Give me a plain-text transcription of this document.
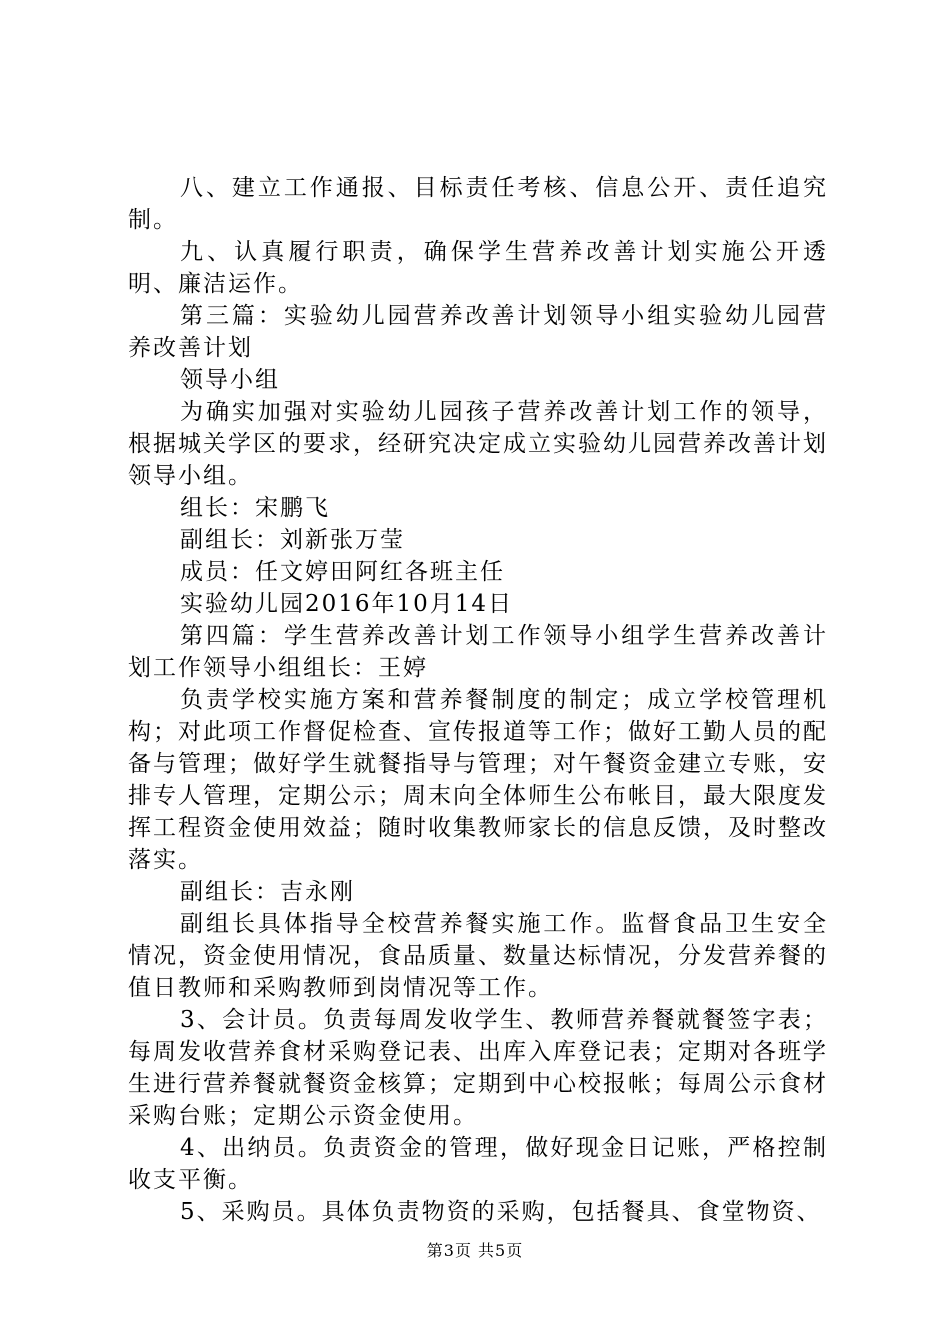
八、建立工作通报、目标责任考核、信息公开、责任追究制。

九、认真履行职责，确保学生营养改善计划实施公开透明、廉洁运作。

第三篇：实验幼儿园营养改善计划领导小组实验幼儿园营养改善计划

领导小组

为确实加强对实验幼儿园孩子营养改善计划工作的领导，根据城关学区的要求，经研究决定成立实验幼儿园营养改善计划领导小组。

组长：宋鹏飞

副组长：刘新张万莹

成员：任文婷田阿红各班主任

实验幼儿园2016年10月14日

第四篇：学生营养改善计划工作领导小组学生营养改善计划工作领导小组组长：王婷

负责学校实施方案和营养餐制度的制定；成立学校管理机构；对此项工作督促检查、宣传报道等工作；做好工勤人员的配备与管理；做好学生就餐指导与管理；对午餐资金建立专账，安排专人管理，定期公示；周末向全体师生公布帐目，最大限度发挥工程资金使用效益；随时收集教师家长的信息反馈，及时整改落实。

副组长：吉永刚

副组长具体指导全校营养餐实施工作。监督食品卫生安全情况，资金使用情况，食品质量、数量达标情况，分发营养餐的值日教师和采购教师到岗情况等工作。

3、会计员。负责每周发收学生、教师营养餐就餐签字表；每周发收营养食材采购登记表、出库入库登记表；定期对各班学生进行营养餐就餐资金核算；定期到中心校报帐；每周公示食材采购台账；定期公示资金使用。

4、出纳员。负责资金的管理，做好现金日记账，严格控制收支平衡。

5、采购员。具体负责物资的采购，包括餐具、食堂物资、

第3页 共5页
